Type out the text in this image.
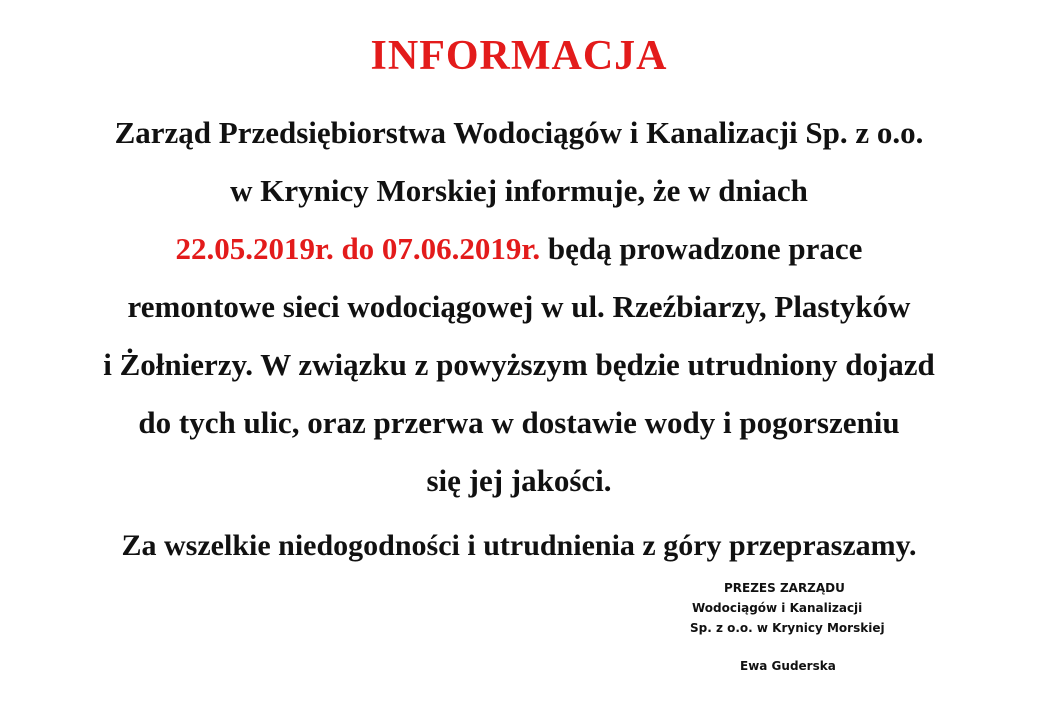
INFORMACJA
Zarząd Przedsiębiorstwa Wodociągów i Kanalizacji Sp. z o.o.
w Krynicy Morskiej informuje, że w dniach
22.05.2019r. do 07.06.2019r. będą prowadzone prace
remontowe sieci wodociągowej w ul. Rzeźbiarzy, Plastyków
i Żołnierzy. W związku z powyższym będzie utrudniony dojazd
do tych ulic, oraz przerwa w dostawie wody i pogorszeniu
się jej jakości.
Za wszelkie niedogodności i utrudnienia z góry przepraszamy.
PREZES ZARZĄDU
Wodociągów i Kanalizacji
Sp. z o.o. w Krynicy Morskiej
Ewa Guderska
